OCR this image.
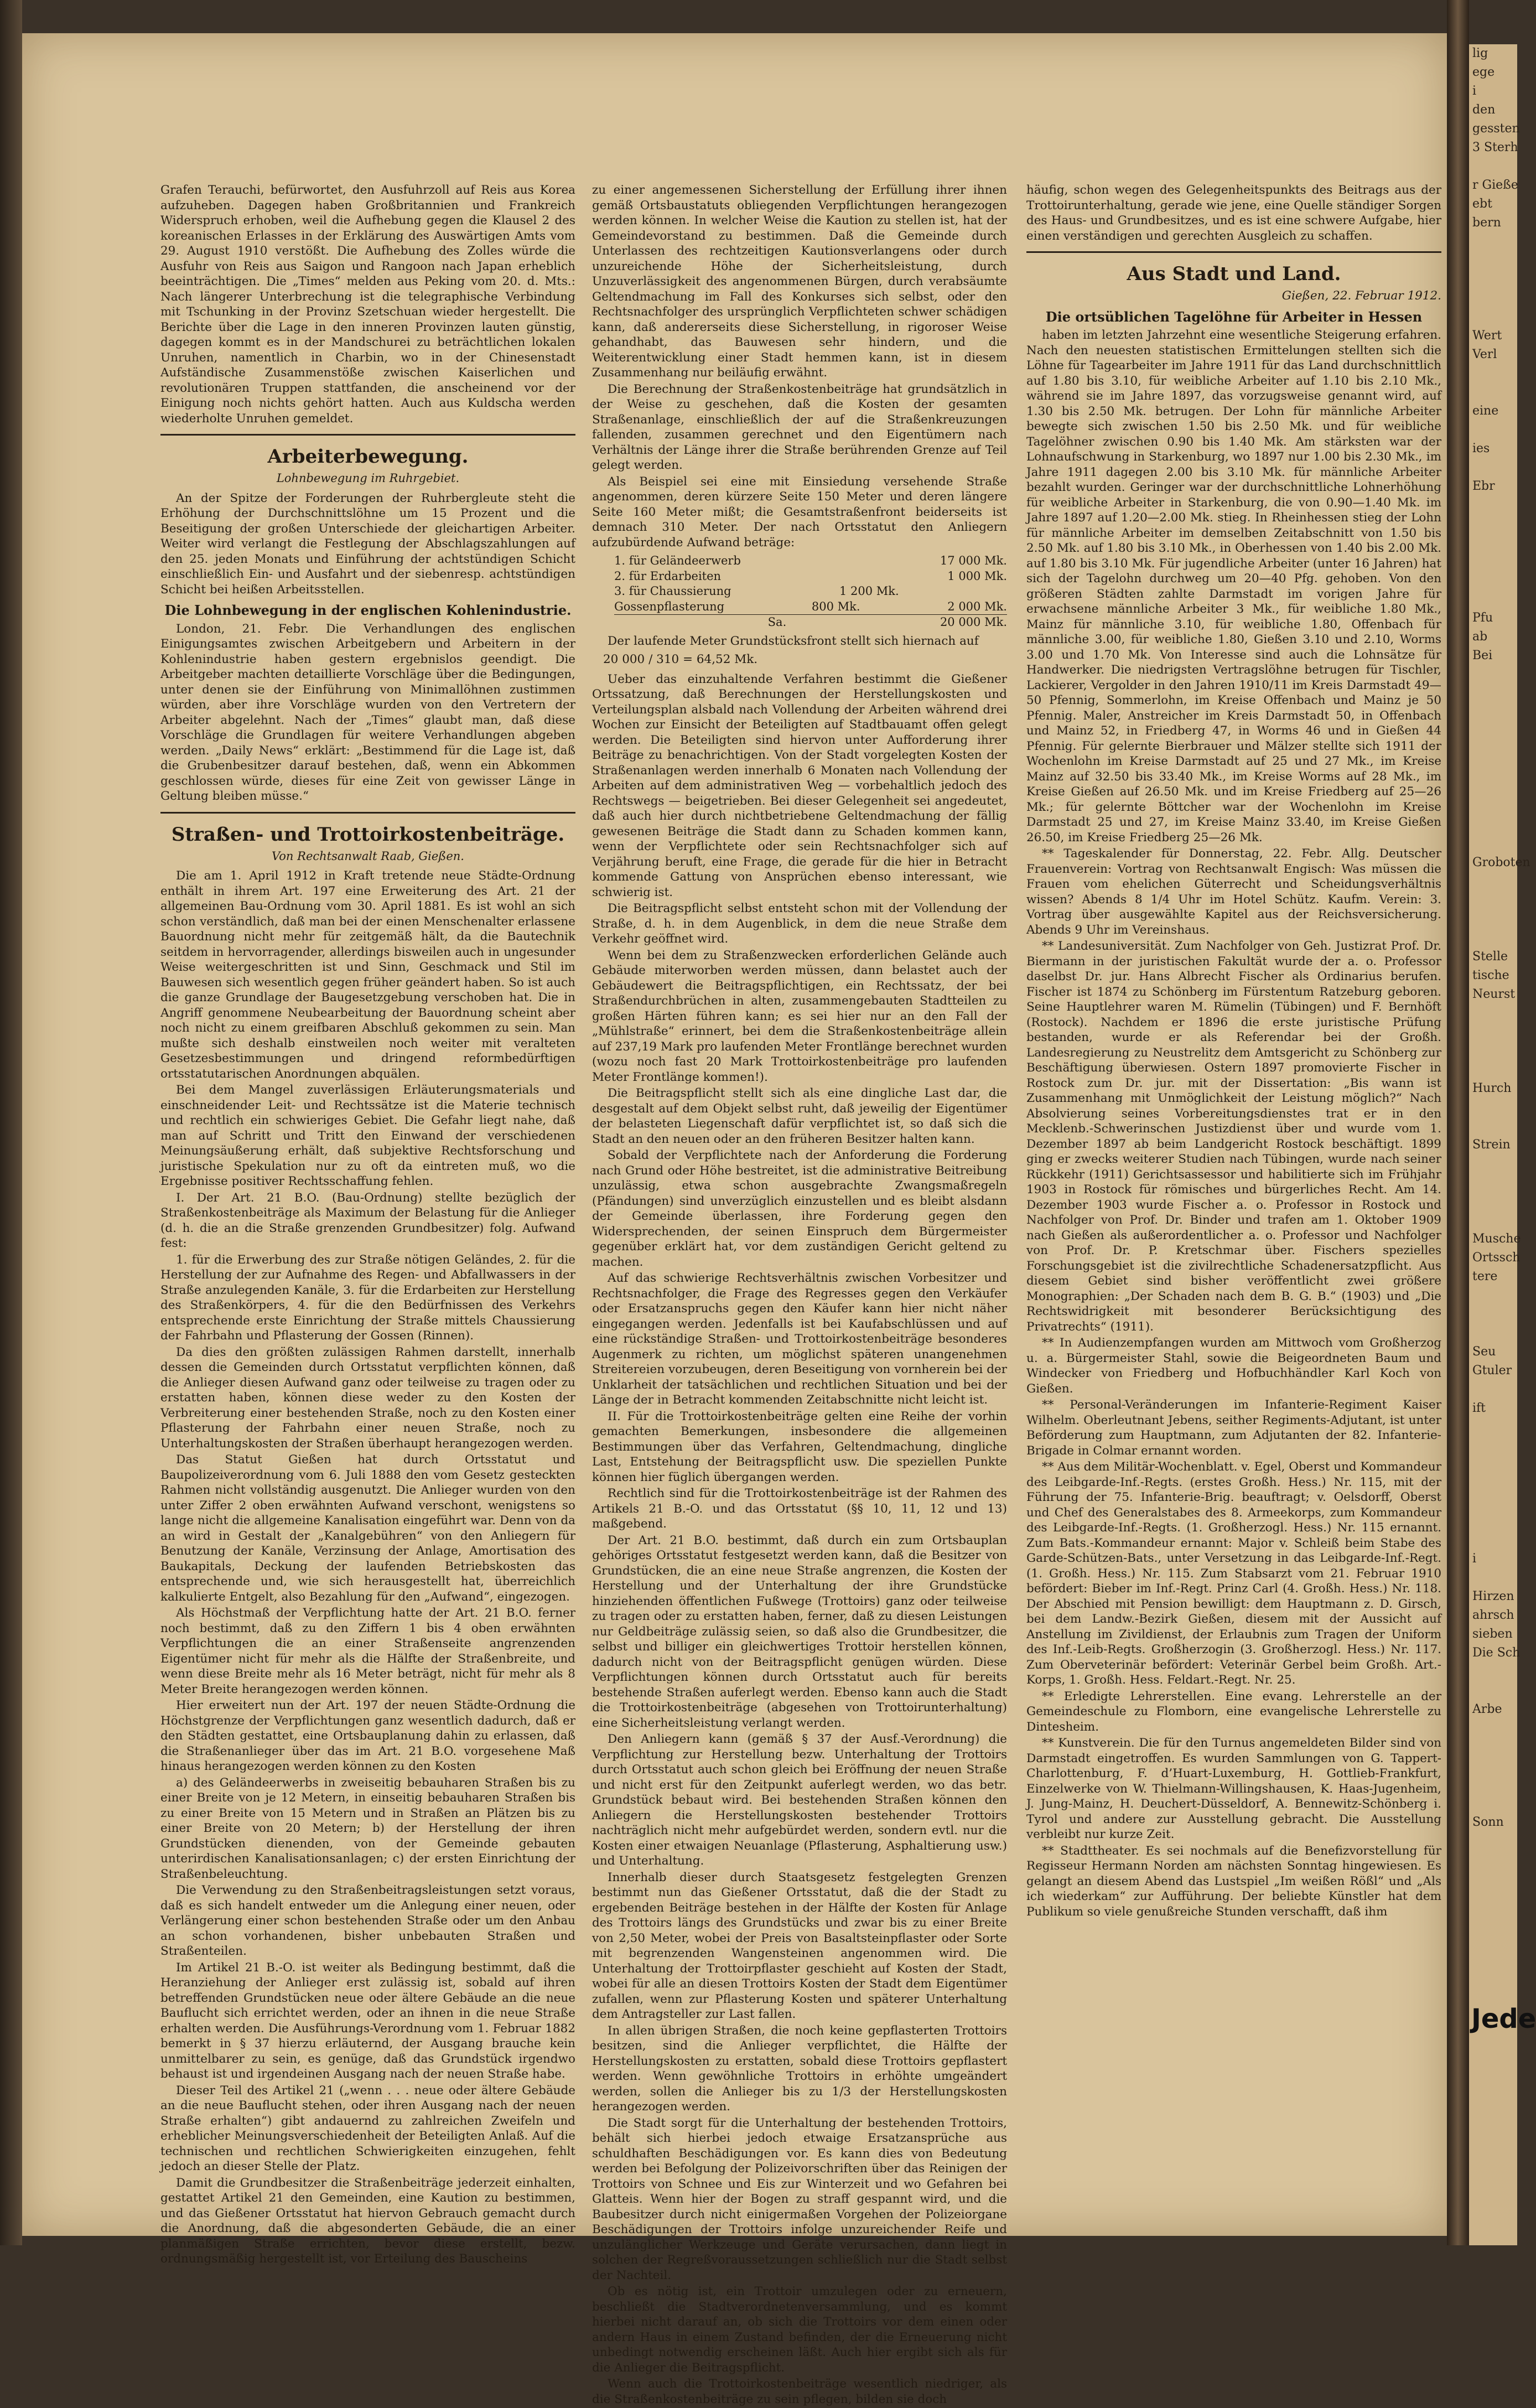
Grafen Terauchi, befürwortet, den Ausfuhrzoll auf Reis aus Korea aufzuheben. Dagegen haben Großbritannien und Frankreich Widerspruch erhoben, weil die Aufhebung gegen die Klausel 2 des koreanischen Erlasses in der Erklärung des Auswärtigen Amts vom 29. August 1910 verstößt. Die Aufhebung des Zolles würde die Ausfuhr von Reis aus Saigon und Rangoon nach Japan erheblich beeinträchtigen. Die „Times“ melden aus Peking vom 20. d. Mts.: Nach längerer Unterbrechung ist die telegraphische Verbindung mit Tschunking in der Provinz Szetschuan wieder hergestellt. Die Berichte über die Lage in den inneren Provinzen lauten günstig, dagegen kommt es in der Mandschurei zu beträchtlichen lokalen Unruhen, namentlich in Charbin, wo in der Chinesenstadt Aufständische Zusammenstöße zwischen Kaiserlichen und revolutionären Truppen stattfanden, die anscheinend vor der Einigung noch nichts gehört hatten. Auch aus Kuldscha werden wiederholte Unruhen gemeldet.

Arbeiterbewegung.
Lohnbewegung im Ruhrgebiet.

An der Spitze der Forderungen der Ruhrbergleute steht die Erhöhung der Durchschnittslöhne um 15 Prozent und die Beseitigung der großen Unterschiede der gleichartigen Arbeiter. Weiter wird verlangt die Festlegung der Abschlagszahlungen auf den 25. jeden Monats und Einführung der achtstündigen Schicht einschließlich Ein- und Ausfahrt und der siebenresp. achtstündigen Schicht bei heißen Arbeitsstellen.

Die Lohnbewegung in der englischen Kohlenindustrie.

London, 21. Febr. Die Verhandlungen des englischen Einigungsamtes zwischen Arbeitgebern und Arbeitern in der Kohlenindustrie haben gestern ergebnislos geendigt. Die Arbeitgeber machten detaillierte Vorschläge über die Bedingungen, unter denen sie der Einführung von Minimallöhnen zustimmen würden, aber ihre Vorschläge wurden von den Vertretern der Arbeiter abgelehnt. Nach der „Times“ glaubt man, daß diese Vorschläge die Grundlagen für weitere Verhandlungen abgeben werden. „Daily News“ erklärt: „Bestimmend für die Lage ist, daß die Grubenbesitzer darauf bestehen, daß, wenn ein Abkommen geschlossen würde, dieses für eine Zeit von gewisser Länge in Geltung bleiben müsse.“

Straßen- und Trottoirkostenbeiträge.
Von Rechtsanwalt Raab, Gießen.

Die am 1. April 1912 in Kraft tretende neue Städte-Ordnung enthält in ihrem Art. 197 eine Erweiterung des Art. 21 der allgemeinen Bau-Ordnung vom 30. April 1881. Es ist wohl an sich schon verständlich, daß man bei der einen Menschenalter erlassene Bauordnung nicht mehr für zeitgemäß hält, da die Bautechnik seitdem in hervorragender, allerdings bisweilen auch in ungesunder Weise weitergeschritten ist und Sinn, Geschmack und Stil im Bauwesen sich wesentlich gegen früher geändert haben. So ist auch die ganze Grundlage der Baugesetzgebung verschoben hat. Die in Angriff genommene Neubearbeitung der Bauordnung scheint aber noch nicht zu einem greifbaren Abschluß gekommen zu sein. Man mußte sich deshalb einstweilen noch weiter mit veralteten Gesetzesbestimmungen und dringend reformbedürftigen ortsstatutarischen Anordnungen abquälen.

Bei dem Mangel zuverlässigen Erläuterungsmaterials und einschneidender Leit- und Rechtssätze ist die Materie technisch und rechtlich ein schwieriges Gebiet. Die Gefahr liegt nahe, daß man auf Schritt und Tritt den Einwand der verschiedenen Meinungsäußerung erhält, daß subjektive Rechtsforschung und juristische Spekulation nur zu oft da eintreten muß, wo die Ergebnisse positiver Rechtsschaffung fehlen.

I. Der Art. 21 B.O. (Bau-Ordnung) stellte bezüglich der Straßenkostenbeiträge als Maximum der Belastung für die Anlieger (d. h. die an die Straße grenzenden Grundbesitzer) folg. Aufwand fest:

1. für die Erwerbung des zur Straße nötigen Geländes, 2. für die Herstellung der zur Aufnahme des Regen- und Abfallwassers in der Straße anzulegenden Kanäle, 3. für die Erdarbeiten zur Herstellung des Straßenkörpers, 4. für die den Bedürfnissen des Verkehrs entsprechende erste Einrichtung der Straße mittels Chaussierung der Fahrbahn und Pflasterung der Gossen (Rinnen).

Da dies den größten zulässigen Rahmen darstellt, innerhalb dessen die Gemeinden durch Ortsstatut verpflichten können, daß die Anlieger diesen Aufwand ganz oder teilweise zu tragen oder zu erstatten haben, können diese weder zu den Kosten der Verbreiterung einer bestehenden Straße, noch zu den Kosten einer Pflasterung der Fahrbahn einer neuen Straße, noch zu Unterhaltungskosten der Straßen überhaupt herangezogen werden.

Das Statut Gießen hat durch Ortsstatut und Baupolizeiverordnung vom 6. Juli 1888 den vom Gesetz gesteckten Rahmen nicht vollständig ausgenutzt. Die Anlieger wurden von den unter Ziffer 2 oben erwähnten Aufwand verschont, wenigstens so lange nicht die allgemeine Kanalisation eingeführt war. Denn von da an wird in Gestalt der „Kanalgebühren“ von den Anliegern für Benutzung der Kanäle, Verzinsung der Anlage, Amortisation des Baukapitals, Deckung der laufenden Betriebskosten das entsprechende und, wie sich herausgestellt hat, überreichlich kalkulierte Entgelt, also Bezahlung für den „Aufwand“, eingezogen.

Als Höchstmaß der Verpflichtung hatte der Art. 21 B.O. ferner noch bestimmt, daß zu den Ziffern 1 bis 4 oben erwähnten Verpflichtungen die an einer Straßenseite angrenzenden Eigentümer nicht für mehr als die Hälfte der Straßenbreite, und wenn diese Breite mehr als 16 Meter beträgt, nicht für mehr als 8 Meter Breite herangezogen werden können.

Hier erweitert nun der Art. 197 der neuen Städte-Ordnung die Höchstgrenze der Verpflichtungen ganz wesentlich dadurch, daß er den Städten gestattet, eine Ortsbauplanung dahin zu erlassen, daß die Straßenanlieger über das im Art. 21 B.O. vorgesehene Maß hinaus herangezogen werden können zu den Kosten

a) des Geländeerwerbs in zweiseitig bebauharen Straßen bis zu einer Breite von je 12 Metern, in einseitig bebauharen Straßen bis zu einer Breite von 15 Metern und in Straßen an Plätzen bis zu einer Breite von 20 Metern; b) der Herstellung der ihren Grundstücken dienenden, von der Gemeinde gebauten unterirdischen Kanalisationsanlagen; c) der ersten Einrichtung der Straßenbeleuchtung.

Die Verwendung zu den Straßenbeitragsleistungen setzt voraus, daß es sich handelt entweder um die Anlegung einer neuen, oder Verlängerung einer schon bestehenden Straße oder um den Anbau an schon vorhandenen, bisher unbebauten Straßen und Straßenteilen.

Im Artikel 21 B.-O. ist weiter als Bedingung bestimmt, daß die Heranziehung der Anlieger erst zulässig ist, sobald auf ihren betreffenden Grundstücken neue oder ältere Gebäude an die neue Bauflucht sich errichtet werden, oder an ihnen in die neue Straße erhalten werden. Die Ausführungs-Verordnung vom 1. Februar 1882 bemerkt in § 37 hierzu erläuternd, der Ausgang brauche kein unmittelbarer zu sein, es genüge, daß das Grundstück irgendwo behaust ist und irgendeinen Ausgang nach der neuen Straße habe.

Dieser Teil des Artikel 21 („wenn . . . neue oder ältere Gebäude an die neue Bauflucht stehen, oder ihren Ausgang nach der neuen Straße erhalten“) gibt andauernd zu zahlreichen Zweifeln und erheblicher Meinungsverschiedenheit der Beteiligten Anlaß. Auf die technischen und rechtlichen Schwierigkeiten einzugehen, fehlt jedoch an dieser Stelle der Platz.

Damit die Grundbesitzer die Straßenbeiträge jederzeit einhalten, gestattet Artikel 21 den Gemeinden, eine Kaution zu bestimmen, und das Gießener Ortsstatut hat hiervon Gebrauch gemacht durch die Anordnung, daß die abgesonderten Gebäude, die an einer planmäßigen Straße errichten, bevor diese erstellt, bezw. ordnungsmäßig hergestellt ist, vor Erteilung des Bauscheins

zu einer angemessenen Sicherstellung der Erfüllung ihrer ihnen gemäß Ortsbaustatuts obliegenden Verpflichtungen herangezogen werden können. In welcher Weise die Kaution zu stellen ist, hat der Gemeindevorstand zu bestimmen. Daß die Gemeinde durch Unterlassen des rechtzeitigen Kautionsverlangens oder durch unzureichende Höhe der Sicherheitsleistung, durch Unzuverlässigkeit des angenommenen Bürgen, durch verabsäumte Geltendmachung im Fall des Konkurses sich selbst, oder den Rechtsnachfolger des ursprünglich Verpflichteten schwer schädigen kann, daß andererseits diese Sicherstellung, in rigoroser Weise gehandhabt, das Bauwesen sehr hindern, und die Weiterentwicklung einer Stadt hemmen kann, ist in diesem Zusammenhang nur beiläufig erwähnt.

Die Berechnung der Straßenkostenbeiträge hat grundsätzlich in der Weise zu geschehen, daß die Kosten der gesamten Straßenanlage, einschließlich der auf die Straßenkreuzungen fallenden, zusammen gerechnet und den Eigentümern nach Verhältnis der Länge ihrer die Straße berührenden Grenze auf Teil gelegt werden.

Als Beispiel sei eine mit Einsiedung versehende Straße angenommen, deren kürzere Seite 150 Meter und deren längere Seite 160 Meter mißt; die Gesamtstraßenfront beiderseits ist demnach 310 Meter. Der nach Ortsstatut den Anliegern aufzubürdende Aufwand beträge:

1. für Geländeerwerb	17 000 Mk.
2. für Erdarbeiten	1 000 Mk.
3. für Chaussierung	1 200 Mk.
Gossenpflasterung	800 Mk.	2 000 Mk.
Sa.	20 000 Mk.

Der laufende Meter Grundstücksfront stellt sich hiernach auf

20 000 / 310 = 64,52 Mk.

Ueber das einzuhaltende Verfahren bestimmt die Gießener Ortssatzung, daß Berechnungen der Herstellungskosten und Verteilungsplan alsbald nach Vollendung der Arbeiten während drei Wochen zur Einsicht der Beteiligten auf Stadtbauamt offen gelegt werden. Die Beteiligten sind hiervon unter Aufforderung ihrer Beiträge zu benachrichtigen. Von der Stadt vorgelegten Kosten der Straßenanlagen werden innerhalb 6 Monaten nach Vollendung der Arbeiten auf dem administrativen Weg — vorbehaltlich jedoch des Rechtswegs — beigetrieben. Bei dieser Gelegenheit sei angedeutet, daß auch hier durch nichtbetriebene Geltendmachung der fällig gewesenen Beiträge die Stadt dann zu Schaden kommen kann, wenn der Verpflichtete oder sein Rechtsnachfolger sich auf Verjährung beruft, eine Frage, die gerade für die hier in Betracht kommende Gattung von Ansprüchen ebenso interessant, wie schwierig ist.

Die Beitragspflicht selbst entsteht schon mit der Vollendung der Straße, d. h. in dem Augenblick, in dem die neue Straße dem Verkehr geöffnet wird.

Wenn bei dem zu Straßenzwecken erforderlichen Gelände auch Gebäude miterworben werden müssen, dann belastet auch der Gebäudewert die Beitragspflichtigen, ein Rechtssatz, der bei Straßendurchbrüchen in alten, zusammengebauten Stadtteilen zu großen Härten führen kann; es sei hier nur an den Fall der „Mühlstraße“ erinnert, bei dem die Straßenkostenbeiträge allein auf 237,19 Mark pro laufenden Meter Frontlänge berechnet wurden (wozu noch fast 20 Mark Trottoirkostenbeiträge pro laufenden Meter Frontlänge kommen!).

Die Beitragspflicht stellt sich als eine dingliche Last dar, die desgestalt auf dem Objekt selbst ruht, daß jeweilig der Eigentümer der belasteten Liegenschaft dafür verpflichtet ist, so daß sich die Stadt an den neuen oder an den früheren Besitzer halten kann.

Sobald der Verpflichtete nach der Anforderung die Forderung nach Grund oder Höhe bestreitet, ist die administrative Beitreibung unzulässig, etwa schon ausgebrachte Zwangsmaßregeln (Pfändungen) sind unverzüglich einzustellen und es bleibt alsdann der Gemeinde überlassen, ihre Forderung gegen den Widersprechenden, der seinen Einspruch dem Bürgermeister gegenüber erklärt hat, vor dem zuständigen Gericht geltend zu machen.

Auf das schwierige Rechtsverhältnis zwischen Vorbesitzer und Rechtsnachfolger, die Frage des Regresses gegen den Verkäufer oder Ersatzanspruchs gegen den Käufer kann hier nicht näher eingegangen werden. Jedenfalls ist bei Kaufabschlüssen und auf eine rückständige Straßen- und Trottoirkostenbeiträge besonderes Augenmerk zu richten, um möglichst späteren unangenehmen Streitereien vorzubeugen, deren Beseitigung von vornherein bei der Unklarheit der tatsächlichen und rechtlichen Situation und bei der Länge der in Betracht kommenden Zeitabschnitte nicht leicht ist.

II. Für die Trottoirkostenbeiträge gelten eine Reihe der vorhin gemachten Bemerkungen, insbesondere die allgemeinen Bestimmungen über das Verfahren, Geltendmachung, dingliche Last, Entstehung der Beitragspflicht usw. Die speziellen Punkte können hier füglich übergangen werden.

Rechtlich sind für die Trottoirkostenbeiträge ist der Rahmen des Artikels 21 B.-O. und das Ortsstatut (§§ 10, 11, 12 und 13) maßgebend.

Der Art. 21 B.O. bestimmt, daß durch ein zum Ortsbauplan gehöriges Ortsstatut festgesetzt werden kann, daß die Besitzer von Grundstücken, die an eine neue Straße angrenzen, die Kosten der Herstellung und der Unterhaltung der ihre Grundstücke hinziehenden öffentlichen Fußwege (Trottoirs) ganz oder teilweise zu tragen oder zu erstatten haben, ferner, daß zu diesen Leistungen nur Geldbeiträge zulässig seien, so daß also die Grundbesitzer, die selbst und billiger ein gleichwertiges Trottoir herstellen können, dadurch nicht von der Beitragspflicht genügen würden. Diese Verpflichtungen können durch Ortsstatut auch für bereits bestehende Straßen auferlegt werden. Ebenso kann auch die Stadt die Trottoirkostenbeiträge (abgesehen von Trottoirunterhaltung) eine Sicherheitsleistung verlangt werden.

Den Anliegern kann (gemäß § 37 der Ausf.-Verordnung) die Verpflichtung zur Herstellung bezw. Unterhaltung der Trottoirs durch Ortsstatut auch schon gleich bei Eröffnung der neuen Straße und nicht erst für den Zeitpunkt auferlegt werden, wo das betr. Grundstück bebaut wird. Bei bestehenden Straßen können den Anliegern die Herstellungskosten bestehender Trottoirs nachträglich nicht mehr aufgebürdet werden, sondern evtl. nur die Kosten einer etwaigen Neuanlage (Pflasterung, Asphaltierung usw.) und Unterhaltung.

Innerhalb dieser durch Staatsgesetz festgelegten Grenzen bestimmt nun das Gießener Ortsstatut, daß die der Stadt zu ergebenden Beiträge bestehen in der Hälfte der Kosten für Anlage des Trottoirs längs des Grundstücks und zwar bis zu einer Breite von 2,50 Meter, wobei der Preis von Basaltsteinpflaster oder Sorte mit begrenzenden Wangensteinen angenommen wird. Die Unterhaltung der Trottoirpflaster geschieht auf Kosten der Stadt, wobei für alle an diesen Trottoirs Kosten der Stadt dem Eigentümer zufallen, wenn zur Pflasterung Kosten und späterer Unterhaltung dem Antragsteller zur Last fallen.

In allen übrigen Straßen, die noch keine gepflasterten Trottoirs besitzen, sind die Anlieger verpflichtet, die Hälfte der Herstellungskosten zu erstatten, sobald diese Trottoirs gepflastert werden. Wenn gewöhnliche Trottoirs in erhöhte umgeändert werden, sollen die Anlieger bis zu 1/3 der Herstellungskosten herangezogen werden.

Die Stadt sorgt für die Unterhaltung der bestehenden Trottoirs, behält sich hierbei jedoch etwaige Ersatzansprüche aus schuldhaften Beschädigungen vor. Es kann dies von Bedeutung werden bei Befolgung der Polizeivorschriften über das Reinigen der Trottoirs von Schnee und Eis zur Winterzeit und wo Gefahren bei Glatteis. Wenn hier der Bogen zu straff gespannt wird, und die Baubesitzer durch nicht einigermaßen Vorgehen der Polizeiorgane Beschädigungen der Trottoirs infolge unzureichender Reife und unzulänglicher Werkzeuge und Geräte verursachen, dann liegt in solchen der Regreßvoraussetzungen schließlich nur die Stadt selbst der Nachteil.

Ob es nötig ist, ein Trottoir umzulegen oder zu erneuern, beschließt die Stadtverordnetenversammlung, und es kommt hierbei nicht darauf an, ob sich die Trottoirs vor dem einen oder andern Haus in einem Zustand befinden, der die Erneuerung nicht unbedingt notwendig erscheinen läßt. Auch hier ergibt sich als für die Anlieger die Beitragspflicht.

Wenn auch die Trottoirkostenbeiträge wesentlich niedriger, als die Straßenkostenbeiträge zu sein pflegen, bilden sie doch

häufig, schon wegen des Gelegenheitspunkts des Beitrags aus der Trottoirunterhaltung, gerade wie jene, eine Quelle ständiger Sorgen des Haus- und Grundbesitzes, und es ist eine schwere Aufgabe, hier einen verständigen und gerechten Ausgleich zu schaffen.

Aus Stadt und Land.

Gießen, 22. Februar 1912.

Die ortsüblichen Tagelöhne für Arbeiter in Hessen

haben im letzten Jahrzehnt eine wesentliche Steigerung erfahren. Nach den neuesten statistischen Ermittelungen stellten sich die Löhne für Tagearbeiter im Jahre 1911 für das Land durchschnittlich auf 1.80 bis 3.10, für weibliche Arbeiter auf 1.10 bis 2.10 Mk., während sie im Jahre 1897, das vorzugsweise genannt wird, auf 1.30 bis 2.50 Mk. betrugen. Der Lohn für männliche Arbeiter bewegte sich zwischen 1.50 bis 2.50 Mk. und für weibliche Tagelöhner zwischen 0.90 bis 1.40 Mk. Am stärksten war der Lohnaufschwung in Starkenburg, wo 1897 nur 1.00 bis 2.30 Mk., im Jahre 1911 dagegen 2.00 bis 3.10 Mk. für männliche Arbeiter bezahlt wurden. Geringer war der durchschnittliche Lohnerhöhung für weibliche Arbeiter in Starkenburg, die von 0.90—1.40 Mk. im Jahre 1897 auf 1.20—2.00 Mk. stieg. In Rheinhessen stieg der Lohn für männliche Arbeiter im demselben Zeitabschnitt von 1.50 bis 2.50 Mk. auf 1.80 bis 3.10 Mk., in Oberhessen von 1.40 bis 2.00 Mk. auf 1.80 bis 3.10 Mk. Für jugendliche Arbeiter (unter 16 Jahren) hat sich der Tagelohn durchweg um 20—40 Pfg. gehoben. Von den größeren Städten zahlte Darmstadt im vorigen Jahre für erwachsene männliche Arbeiter 3 Mk., für weibliche 1.80 Mk., Mainz für männliche 3.10, für weibliche 1.80, Offenbach für männliche 3.00, für weibliche 1.80, Gießen 3.10 und 2.10, Worms 3.00 und 1.70 Mk. Von Interesse sind auch die Lohnsätze für Handwerker. Die niedrigsten Vertragslöhne betrugen für Tischler, Lackierer, Vergolder in den Jahren 1910/11 im Kreis Darmstadt 49—50 Pfennig, Sommerlohn, im Kreise Offenbach und Mainz je 50 Pfennig. Maler, Anstreicher im Kreis Darmstadt 50, in Offenbach und Mainz 52, in Friedberg 47, in Worms 46 und in Gießen 44 Pfennig. Für gelernte Bierbrauer und Mälzer stellte sich 1911 der Wochenlohn im Kreise Darmstadt auf 25 und 27 Mk., im Kreise Mainz auf 32.50 bis 33.40 Mk., im Kreise Worms auf 28 Mk., im Kreise Gießen auf 26.50 Mk. und im Kreise Friedberg auf 25—26 Mk.; für gelernte Böttcher war der Wochenlohn im Kreise Darmstadt 25 und 27, im Kreise Mainz 33.40, im Kreise Gießen 26.50, im Kreise Friedberg 25—26 Mk.

** Tageskalender für Donnerstag, 22. Febr. Allg. Deutscher Frauenverein: Vortrag von Rechtsanwalt Engisch: Was müssen die Frauen vom ehelichen Güterrecht und Scheidungsverhältnis wissen? Abends 8 1/4 Uhr im Hotel Schütz. Kaufm. Verein: 3. Vortrag über ausgewählte Kapitel aus der Reichsversicherung. Abends 9 Uhr im Vereinshaus.

** Landesuniversität. Zum Nachfolger von Geh. Justizrat Prof. Dr. Biermann in der juristischen Fakultät wurde der a. o. Professor daselbst Dr. jur. Hans Albrecht Fischer als Ordinarius berufen. Fischer ist 1874 zu Schönberg im Fürstentum Ratzeburg geboren. Seine Hauptlehrer waren M. Rümelin (Tübingen) und F. Bernhöft (Rostock). Nachdem er 1896 die erste juristische Prüfung bestanden, wurde er als Referendar bei der Großh. Landesregierung zu Neustrelitz dem Amtsgericht zu Schönberg zur Beschäftigung überwiesen. Ostern 1897 promovierte Fischer in Rostock zum Dr. jur. mit der Dissertation: „Bis wann ist Zusammenhang mit Unmöglichkeit der Leistung möglich?“ Nach Absolvierung seines Vorbereitungsdienstes trat er in den Mecklenb.-Schwerinschen Justizdienst über und wurde vom 1. Dezember 1897 ab beim Landgericht Rostock beschäftigt. 1899 ging er zwecks weiterer Studien nach Tübingen, wurde nach seiner Rückkehr (1911) Gerichtsassessor und habilitierte sich im Frühjahr 1903 in Rostock für römisches und bürgerliches Recht. Am 14. Dezember 1903 wurde Fischer a. o. Professor in Rostock und Nachfolger von Prof. Dr. Binder und trafen am 1. Oktober 1909 nach Gießen als außerordentlicher a. o. Professor und Nachfolger von Prof. Dr. P. Kretschmar über. Fischers spezielles Forschungsgebiet ist die zivilrechtliche Schadenersatzpflicht. Aus diesem Gebiet sind bisher veröffentlicht zwei größere Monographien: „Der Schaden nach dem B. G. B.“ (1903) und „Die Rechtswidrigkeit mit besonderer Berücksichtigung des Privatrechts“ (1911).

** In Audienzempfangen wurden am Mittwoch vom Großherzog u. a. Bürgermeister Stahl, sowie die Beigeordneten Baum und Windecker von Friedberg und Hofbuchhändler Karl Koch von Gießen.

** Personal-Veränderungen im Infanterie-Regiment Kaiser Wilhelm. Oberleutnant Jebens, seither Regiments-Adjutant, ist unter Beförderung zum Hauptmann, zum Adjutanten der 82. Infanterie-Brigade in Colmar ernannt worden.

** Aus dem Militär-Wochenblatt. v. Egel, Oberst und Kommandeur des Leibgarde-Inf.-Regts. (erstes Großh. Hess.) Nr. 115, mit der Führung der 75. Infanterie-Brig. beauftragt; v. Oelsdorff, Oberst und Chef des Generalstabes des 8. Armeekorps, zum Kommandeur des Leibgarde-Inf.-Regts. (1. Großherzogl. Hess.) Nr. 115 ernannt. Zum Bats.-Kommandeur ernannt: Major v. Schleiß beim Stabe des Garde-Schützen-Bats., unter Versetzung in das Leibgarde-Inf.-Regt. (1. Großh. Hess.) Nr. 115. Zum Stabsarzt vom 21. Februar 1910 befördert: Bieber im Inf.-Regt. Prinz Carl (4. Großh. Hess.) Nr. 118. Der Abschied mit Pension bewilligt: dem Hauptmann z. D. Girsch, bei dem Landw.-Bezirk Gießen, diesem mit der Aussicht auf Anstellung im Zivildienst, der Erlaubnis zum Tragen der Uniform des Inf.-Leib-Regts. Großherzogin (3. Großherzogl. Hess.) Nr. 117. Zum Oberveterinär befördert: Veterinär Gerbel beim Großh. Art.-Korps, 1. Großh. Hess. Feldart.-Regt. Nr. 25.

** Erledigte Lehrerstellen. Eine evang. Lehrerstelle an der Gemeindeschule zu Flomborn, eine evangelische Lehrerstelle zu Dintesheim.

** Kunstverein. Die für den Turnus angemeldeten Bilder sind von Darmstadt eingetroffen. Es wurden Sammlungen von G. Tappert-Charlottenburg, F. d’Huart-Luxemburg, H. Gottlieb-Frankfurt, Einzelwerke von W. Thielmann-Willingshausen, K. Haas-Jugenheim, J. Jung-Mainz, H. Deuchert-Düsseldorf, A. Bennewitz-Schönberg i. Tyrol und andere zur Ausstellung gebracht. Die Ausstellung verbleibt nur kurze Zeit.

** Stadttheater. Es sei nochmals auf die Benefizvorstellung für Regisseur Hermann Norden am nächsten Sonntag hingewiesen. Es gelangt an diesem Abend das Lustspiel „Im weißen Rößl“ und „Als ich wiederkam“ zur Aufführung. Der beliebte Künstler hat dem Publikum so viele genußreiche Stunden verschafft, daß ihm

lig
ege
i
den
gessten
3 Sterh

r Gieße
ebt
bern

Wert
Verl

eine

ies

Ebr

Pfu
ab
Bei

Groboten

Stelle
tische
Neurst

Hurch

Strein

Musche
Ortssch
tere

Seu
Gtuler

ift

i

Hirzen
ahrsch
sieben
Die Sch

Arbe

Sonn

Jede
